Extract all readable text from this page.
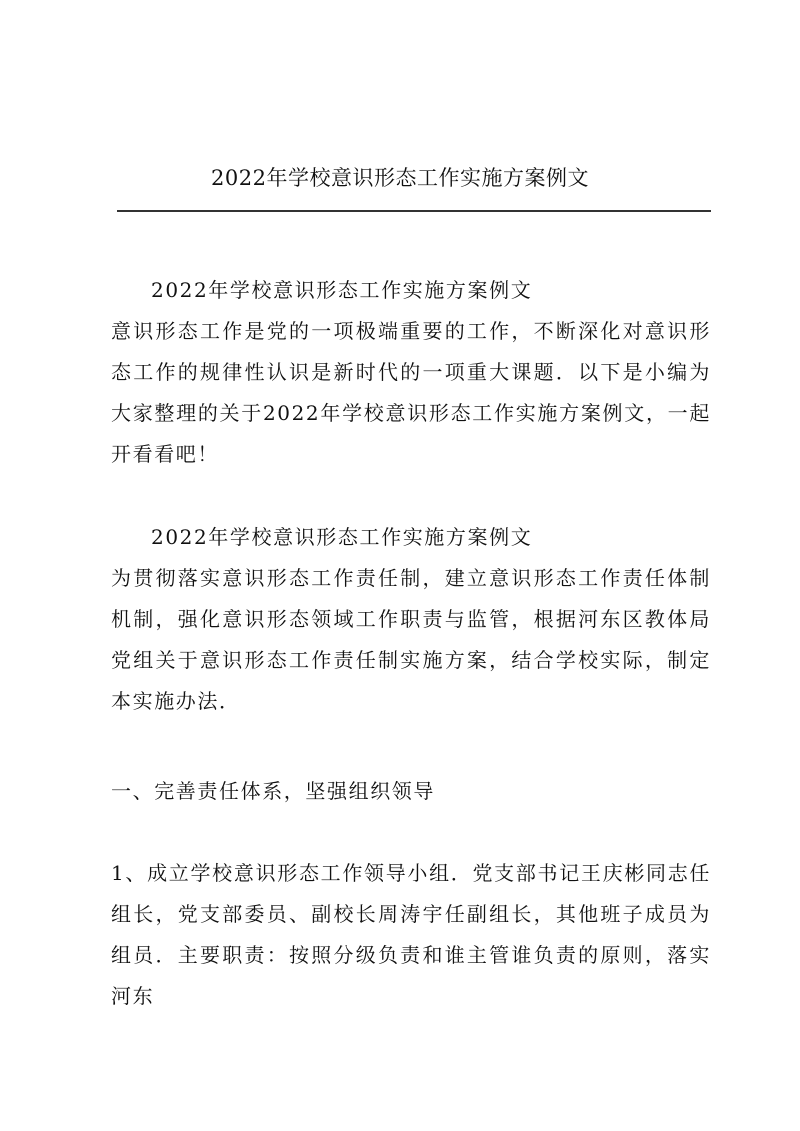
2022年学校意识形态工作实施方案例文

2022年学校意识形态工作实施方案例文

意识形态工作是党的一项极端重要的工作，不断深化对意识形态工作的规律性认识是新时代的一项重大课题．以下是小编为大家整理的关于2022年学校意识形态工作实施方案例文，一起开看看吧！

2022年学校意识形态工作实施方案例文

为贯彻落实意识形态工作责任制，建立意识形态工作责任体制机制，强化意识形态领域工作职责与监管，根据河东区教体局党组关于意识形态工作责任制实施方案，结合学校实际，制定本实施办法．

一、完善责任体系，坚强组织领导
1、成立学校意识形态工作领导小组．党支部书记王庆彬同志任组长，党支部委员、副校长周涛宇任副组长，其他班子成员为组员．主要职责：按照分级负责和谁主管谁负责的原则，落实河东
